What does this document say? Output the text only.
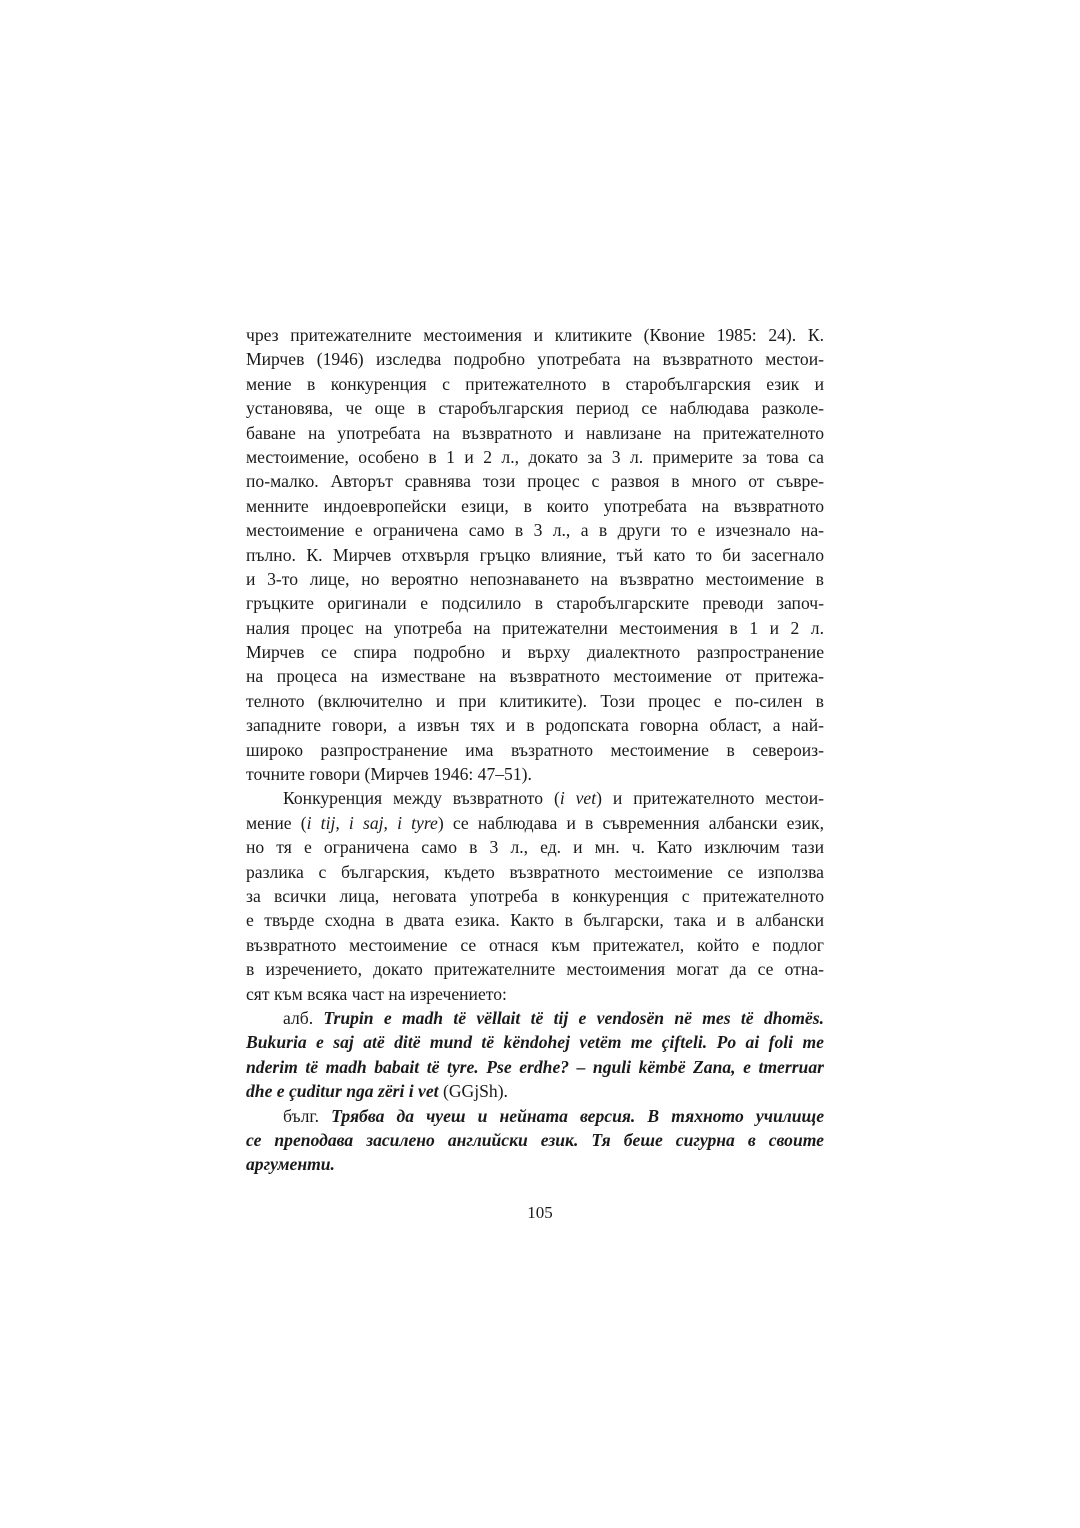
чрез притежателните местоимения и клитиките (Квоние 1985: 24). К.
Мирчев (1946) изследва подробно употребата на възвратното местои-
мение в конкуренция с притежателното в старобългарския език и
установява, че още в старобългарския период се наблюдава разколе-
баване на употребата на възвратното и навлизане на притежателното
местоимение, особено в 1 и 2 л., докато за 3 л. примерите за това са
по-малко. Авторът сравнява този процес с развоя в много от съвре-
менните индоевропейски езици, в които употребата на възвратното
местоимение е ограничена само в 3 л., а в други то е изчезнало на-
пълно. К. Мирчев отхвърля гръцко влияние, тъй като то би засегнало
и 3-то лице, но вероятно непознаването на възвратно местоимение в
гръцките оригинали е подсилило в старобългарските преводи започ-
налия процес на употреба на притежателни местоимения в 1 и 2 л.
Мирчев се спира подробно и върху диалектното разпространение
на процеса на изместване на възвратното местоимение от притежа-
телното (включително и при клитиките). Този процес е по-силен в
западните говори, а извън тях и в родопската говорна област, а най-
широко разпространение има възратното местоимение в североиз-
точните говори (Мирчев 1946: 47–51).
Конкуренция между възвратното (i vet) и притежателното местои-
мение (i tij, i saj, i tyre) се наблюдава и в съвременния албански език,
но тя е ограничена само в 3 л., ед. и мн. ч. Като изключим тази
разлика с българския, където възвратното местоимение се използва
за всички лица, неговата употреба в конкуренция с притежателното
е твърде сходна в двата езика. Както в български, така и в албански
възвратното местоимение се отнася към притежател, който е подлог
в изречението, докато притежателните местоимения могат да се отна-
сят към всяка част на изречението:
алб. Trupin e madh të vëllait të tij e vendosën në mes të dhomës.
Bukuria e saj atë ditë mund të këndohej vetëm me çifteli. Po ai foli me
nderim të madh babait të tyre. Pse erdhe? – nguli këmbë Zana, e tmerruar
dhe e çuditur nga zëri i vet (GGjSh).
бълг. Трябва да чуеш и нейната версия. В тяхното училище
се преподава засилено английски език. Тя беше сигурна в своите
аргументи.
105
